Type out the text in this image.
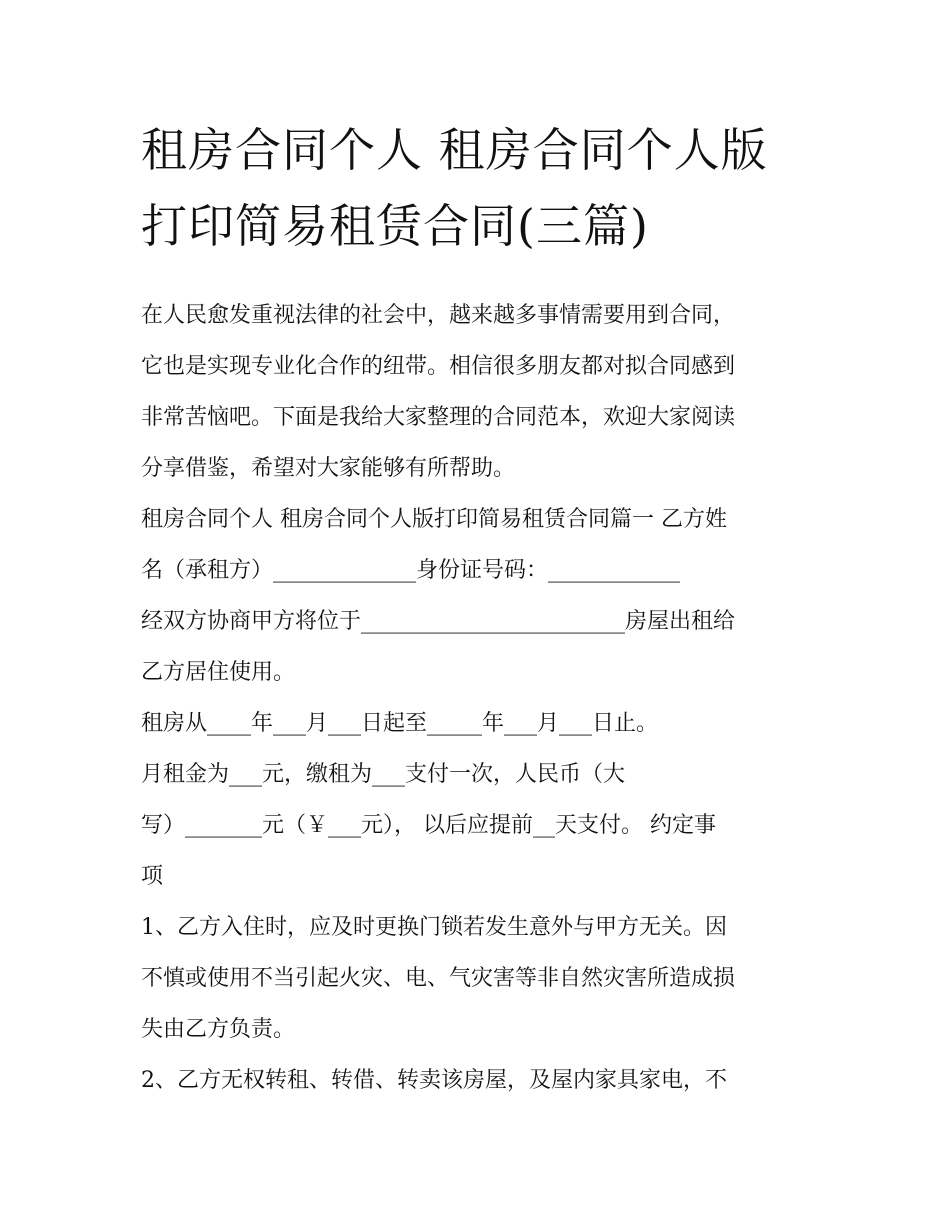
租房合同个人 租房合同个人版
打印简易租赁合同(三篇)
在人民愈发重视法律的社会中，越来越多事情需要用到合同，
它也是实现专业化合作的纽带。相信很多朋友都对拟合同感到
非常苦恼吧。下面是我给大家整理的合同范本，欢迎大家阅读
分享借鉴，希望对大家能够有所帮助。
租房合同个人 租房合同个人版打印简易租赁合同篇一 乙方姓
名（承租方）_____________身份证号码：____________
经双方协商甲方将位于________________________房屋出租给
乙方居住使用。
租房从____年___月___日起至_____年___月___日止。
月租金为___元，缴租为___支付一次，人民币（大
写）_______元（￥___元）， 以后应提前__天支付。 约定事
项
1、乙方入住时，应及时更换门锁若发生意外与甲方无关。因
不慎或使用不当引起火灾、电、气灾害等非自然灾害所造成损
失由乙方负责。
2、乙方无权转租、转借、转卖该房屋，及屋内家具家电，不
